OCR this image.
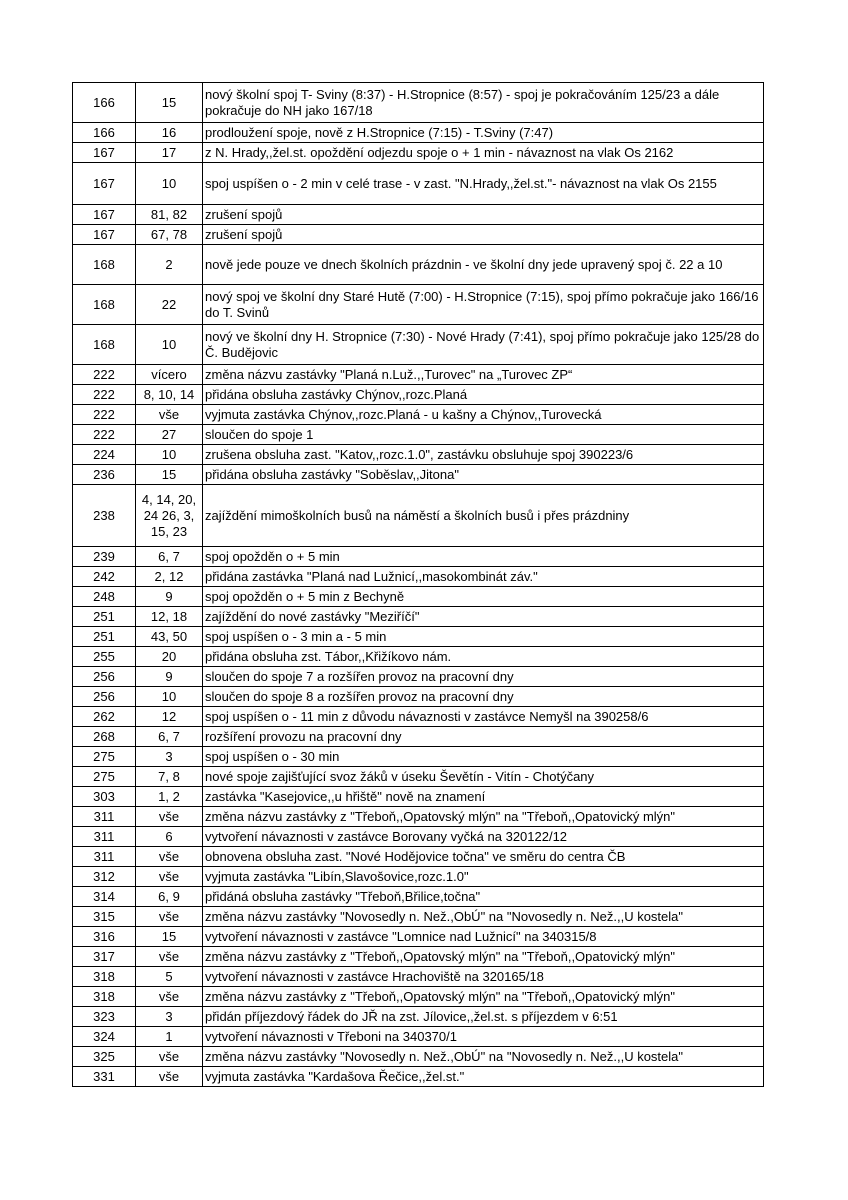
166	15	nový školní spoj T- Sviny (8:37) - H.Stropnice (8:57) - spoj je pokračováním 125/23 a dále pokračuje do NH jako 167/18
166	16	prodloužení spoje, nově z H.Stropnice (7:15) - T.Sviny (7:47)
167	17	z N. Hrady,,žel.st. opoždění odjezdu spoje o + 1 min - návaznost na vlak Os 2162
167	10	spoj uspíšen o - 2 min v celé trase - v zast. "N.Hrady,,žel.st."- návaznost na vlak Os 2155
167	81, 82	zrušení spojů
167	67, 78	zrušení spojů
168	2	nově jede pouze ve dnech školních prázdnin - ve školní dny jede upravený spoj č. 22 a 10
168	22	nový spoj ve školní dny Staré Hutě (7:00) - H.Stropnice (7:15), spoj přímo pokračuje jako 166/16 do T. Svinů
168	10	nový ve školní dny H. Stropnice (7:30) - Nové Hrady (7:41), spoj přímo pokračuje jako 125/28 do Č. Budějovic
222	vícero	změna názvu zastávky "Planá n.Luž.,,Turovec" na „Turovec ZP“
222	8, 10, 14	přidána obsluha zastávky Chýnov,,rozc.Planá
222	vše	vyjmuta zastávka Chýnov,,rozc.Planá - u kašny a Chýnov,,Turovecká
222	27	sloučen do spoje 1
224	10	zrušena obsluha zast. "Katov,,rozc.1.0", zastávku obsluhuje spoj 390223/6
236	15	přidána obsluha zastávky "Soběslav,,Jitona"
238	4, 14, 20, 24 26, 3, 15, 23	zajíždění mimoškolních busů na náměstí a školních busů i přes prázdniny
239	6, 7	spoj opožděn o + 5 min
242	2, 12	přidána zastávka "Planá nad Lužnicí,,masokombinát záv."
248	9	spoj opožděn o + 5 min z Bechyně
251	12, 18	zajíždění do nové zastávky "Meziříčí"
251	43, 50	spoj uspíšen o - 3 min a - 5 min
255	20	přidána obsluha zst. Tábor,,Křižíkovo nám.
256	9	sloučen do spoje 7 a rozšířen provoz na pracovní dny
256	10	sloučen do spoje 8 a rozšířen provoz na pracovní dny
262	12	spoj uspíšen o - 11 min z důvodu návaznosti v zastávce Nemyšl na 390258/6
268	6, 7	rozšíření provozu na pracovní dny
275	3	spoj uspíšen o - 30 min
275	7, 8	nové spoje zajišťující svoz žáků v úseku Ševětín - Vitín - Chotýčany
303	1, 2	zastávka "Kasejovice,,u hřiště" nově na znamení
311	vše	změna názvu zastávky z "Třeboň,,Opatovský mlýn" na "Třeboň,,Opatovický mlýn"
311	6	vytvoření návaznosti v zastávce Borovany vyčká na 320122/12
311	vše	obnovena obsluha zast. "Nové Hodějovice točna" ve směru do centra ČB
312	vše	vyjmuta zastávka "Libín,Slavošovice,rozc.1.0"
314	6, 9	přidáná obsluha zastávky "Třeboň,Břilice,točna"
315	vše	změna názvu zastávky "Novosedly n. Než.,ObÚ" na "Novosedly n. Než.,,U kostela"
316	15	vytvoření návaznosti v zastávce "Lomnice nad Lužnicí" na 340315/8
317	vše	změna názvu zastávky z "Třeboň,,Opatovský mlýn" na "Třeboň,,Opatovický mlýn"
318	5	vytvoření návaznosti v zastávce Hrachoviště na 320165/18
318	vše	změna názvu zastávky z "Třeboň,,Opatovský mlýn" na "Třeboň,,Opatovický mlýn"
323	3	přidán příjezdový řádek do JŘ na zst. Jílovice,,žel.st. s příjezdem v 6:51
324	1	vytvoření návaznosti v Třeboni na 340370/1
325	vše	změna názvu zastávky "Novosedly n. Než.,ObÚ" na "Novosedly n. Než.,,U kostela"
331	vše	vyjmuta zastávka "Kardašova Řečice,,žel.st."
